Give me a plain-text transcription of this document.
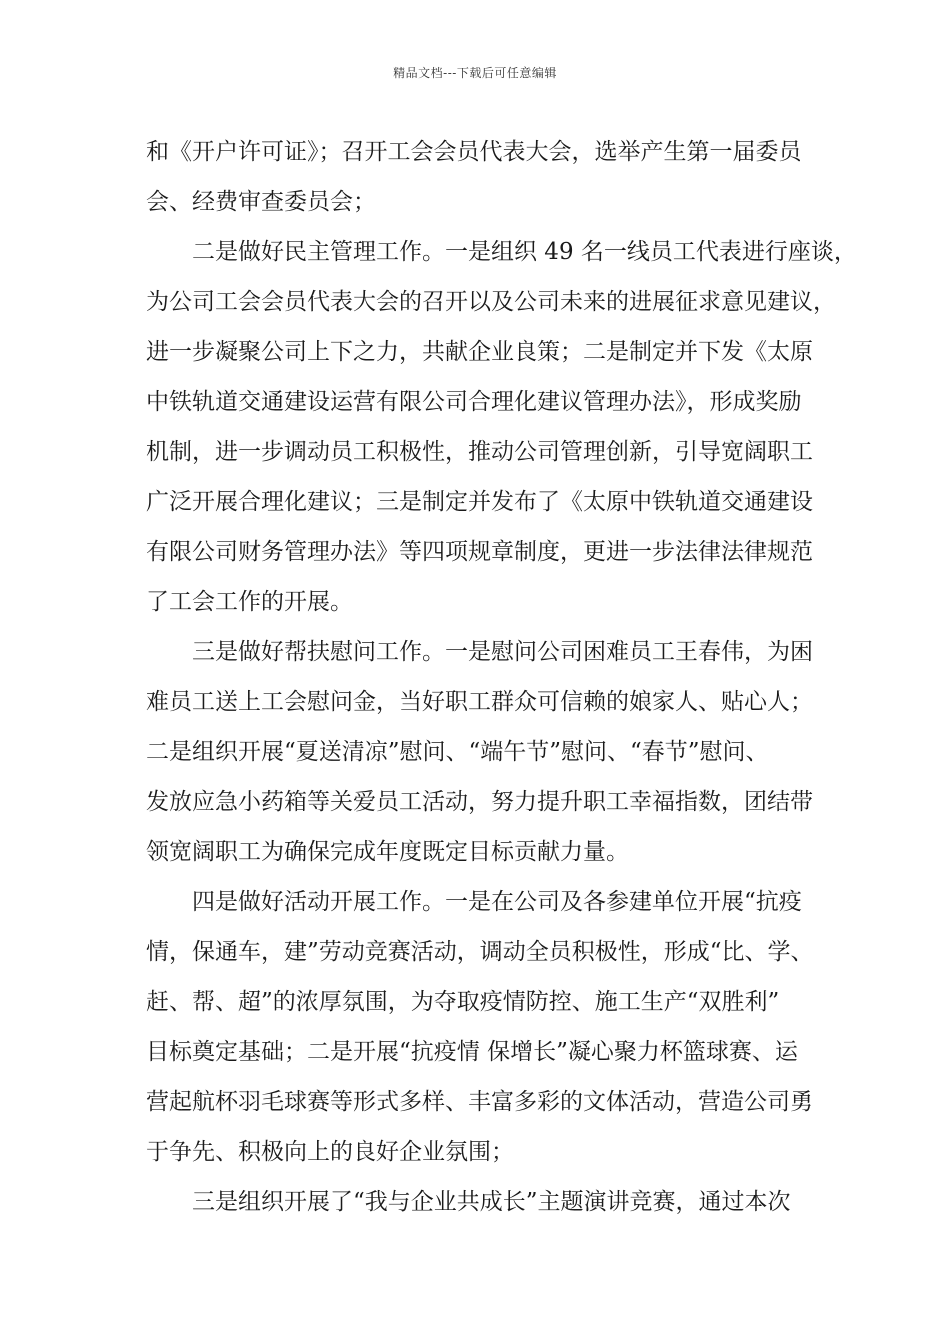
精品文档---下载后可任意编辑
和《开户许可证》；召开工会会员代表大会，选举产生第一届委员
会、经费审查委员会；
二是做好民主管理工作。一是组织 49 名一线员工代表进行座谈，
为公司工会会员代表大会的召开以及公司未来的进展征求意见建议，
进一步凝聚公司上下之力，共献企业良策；二是制定并下发《太原
中铁轨道交通建设运营有限公司合理化建议管理办法》，形成奖励
机制，进一步调动员工积极性，推动公司管理创新，引导宽阔职工
广泛开展合理化建议；三是制定并发布了《太原中铁轨道交通建设
有限公司财务管理办法》等四项规章制度，更进一步法律法律规范
了工会工作的开展。
三是做好帮扶慰问工作。一是慰问公司困难员工王春伟，为困
难员工送上工会慰问金，当好职工群众可信赖的娘家人、贴心人；
二是组织开展“夏送清凉”慰问、“端午节”慰问、“春节”慰问、
发放应急小药箱等关爱员工活动，努力提升职工幸福指数，团结带
领宽阔职工为确保完成年度既定目标贡献力量。
四是做好活动开展工作。一是在公司及各参建单位开展“抗疫
情，保通车，建”劳动竞赛活动，调动全员积极性，形成“比、学、
赶、帮、超”的浓厚氛围，为夺取疫情防控、施工生产“双胜利”
目标奠定基础；二是开展“抗疫情 保增长”凝心聚力杯篮球赛、运
营起航杯羽毛球赛等形式多样、丰富多彩的文体活动，营造公司勇
于争先、积极向上的良好企业氛围；
三是组织开展了“我与企业共成长”主题演讲竞赛，通过本次
